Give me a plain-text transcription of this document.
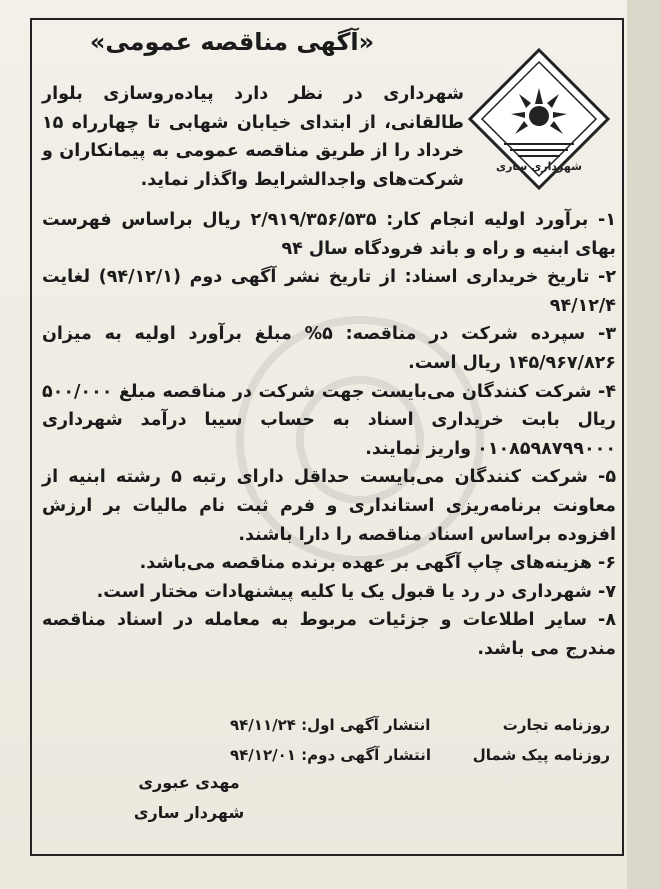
«آگهی مناقصه عمومی»
شهرداری ساری

شهرداری در نظر دارد پیاده‌روسازی بلوار طالقانی، از ابتدای خیابان شهابی تا چهارراه ۱۵ خرداد را از طریق مناقصه عمومی به پیمانکاران و شرکت‌های واجدالشرایط واگذار نماید.

۱- برآورد اولیه انجام کار: ۲/۹۱۹/۳۵۶/۵۳۵ ریال براساس فهرست بهای ابنیه و راه و باند فرودگاه سال ۹۴
۲- تاریخ خریداری اسناد: از تاریخ نشر آگهی دوم (۹۴/۱۲/۱) لغایت ۹۴/۱۲/۴
۳- سپرده شرکت در مناقصه: ۵% مبلغ برآورد اولیه به میزان ۱۴۵/۹۶۷/۸۲۶ ریال است.
۴- شرکت کنندگان می‌بایست جهت شرکت در مناقصه مبلغ ۵۰۰/۰۰۰ ریال بابت خریداری اسناد به حساب سیبا درآمد شهرداری ۰۱۰۸۵۹۸۷۹۹۰۰۰ واریز نمایند.
۵- شرکت کنندگان می‌بایست حداقل دارای رتبه ۵ رشته ابنیه از معاونت برنامه‌ریزی استانداری و فرم ثبت نام مالیات بر ارزش افزوده براساس اسناد مناقصه را دارا باشند.
۶- هزینه‌های چاپ آگهی بر عهده برنده مناقصه می‌باشد.
۷- شهرداری در رد یا قبول یک یا کلیه پیشنهادات مختار است.
۸- سایر اطلاعات و جزئیات مربوط به معامله در اسناد مناقصه مندرج می باشد.
روزنامه تجارت
انتشار آگهی اول: ۹۴/۱۱/۲۴
روزنامه پیک شمال
انتشار آگهی دوم: ۹۴/۱۲/۰۱
مهدی عبوری
شهردار ساری
